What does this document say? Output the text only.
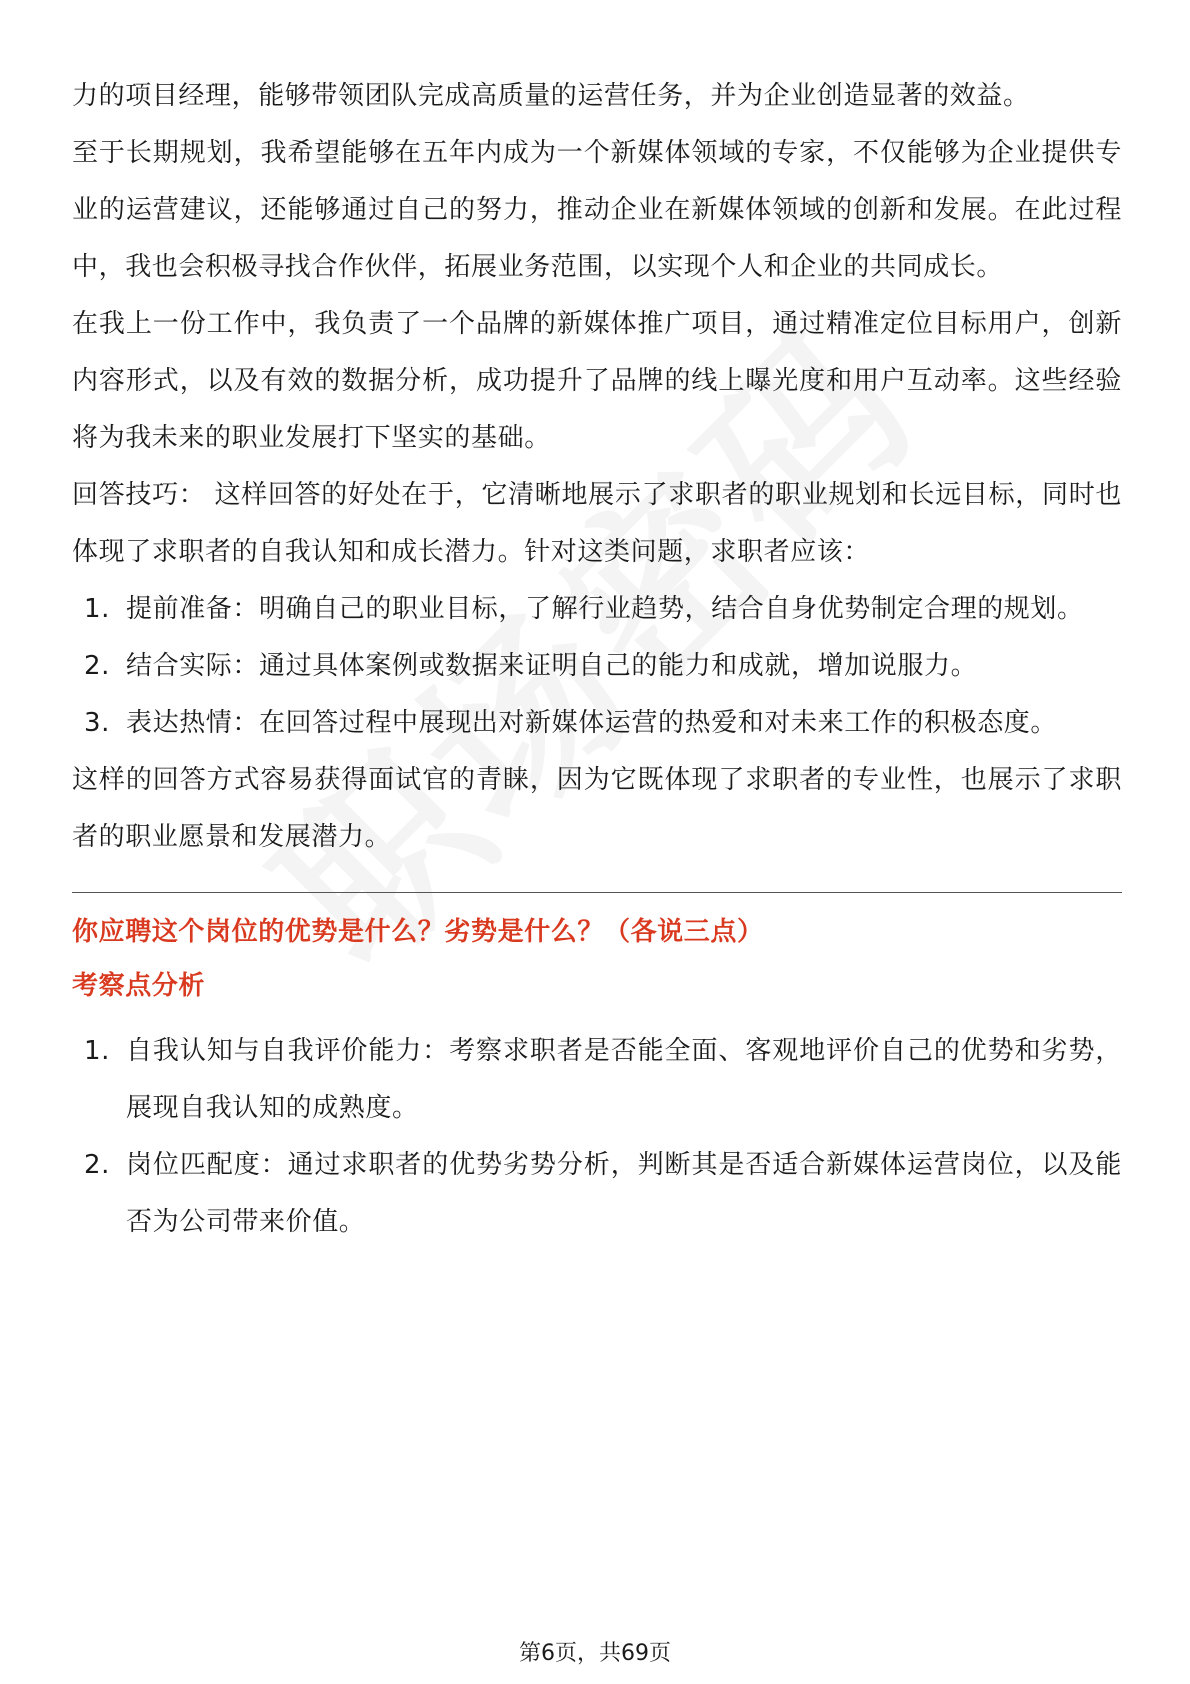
力的项目经理，能够带领团队完成高质量的运营任务，并为企业创造显著的效益。

至于长期规划，我希望能够在五年内成为一个新媒体领域的专家，不仅能够为企业提供专业的运营建议，还能够通过自己的努力，推动企业在新媒体领域的创新和发展。在此过程中，我也会积极寻找合作伙伴，拓展业务范围，以实现个人和企业的共同成长。

在我上一份工作中，我负责了一个品牌的新媒体推广项目，通过精准定位目标用户，创新内容形式，以及有效的数据分析，成功提升了品牌的线上曝光度和用户互动率。这些经验将为我未来的职业发展打下坚实的基础。

回答技巧： 这样回答的好处在于，它清晰地展示了求职者的职业规划和长远目标，同时也体现了求职者的自我认知和成长潜力。针对这类问题，求职者应该：

1. 提前准备：明确自己的职业目标，了解行业趋势，结合自身优势制定合理的规划。
2. 结合实际：通过具体案例或数据来证明自己的能力和成就，增加说服力。
3. 表达热情：在回答过程中展现出对新媒体运营的热爱和对未来工作的积极态度。

这样的回答方式容易获得面试官的青睐，因为它既体现了求职者的专业性，也展示了求职者的职业愿景和发展潜力。

你应聘这个岗位的优势是什么？劣势是什么？（各说三点）
考察点分析
1. 自我认知与自我评价能力：考察求职者是否能全面、客观地评价自己的优势和劣势，展现自我认知的成熟度。
2. 岗位匹配度：通过求职者的优势劣势分析，判断其是否适合新媒体运营岗位，以及能否为公司带来价值。
第6页，共69页
